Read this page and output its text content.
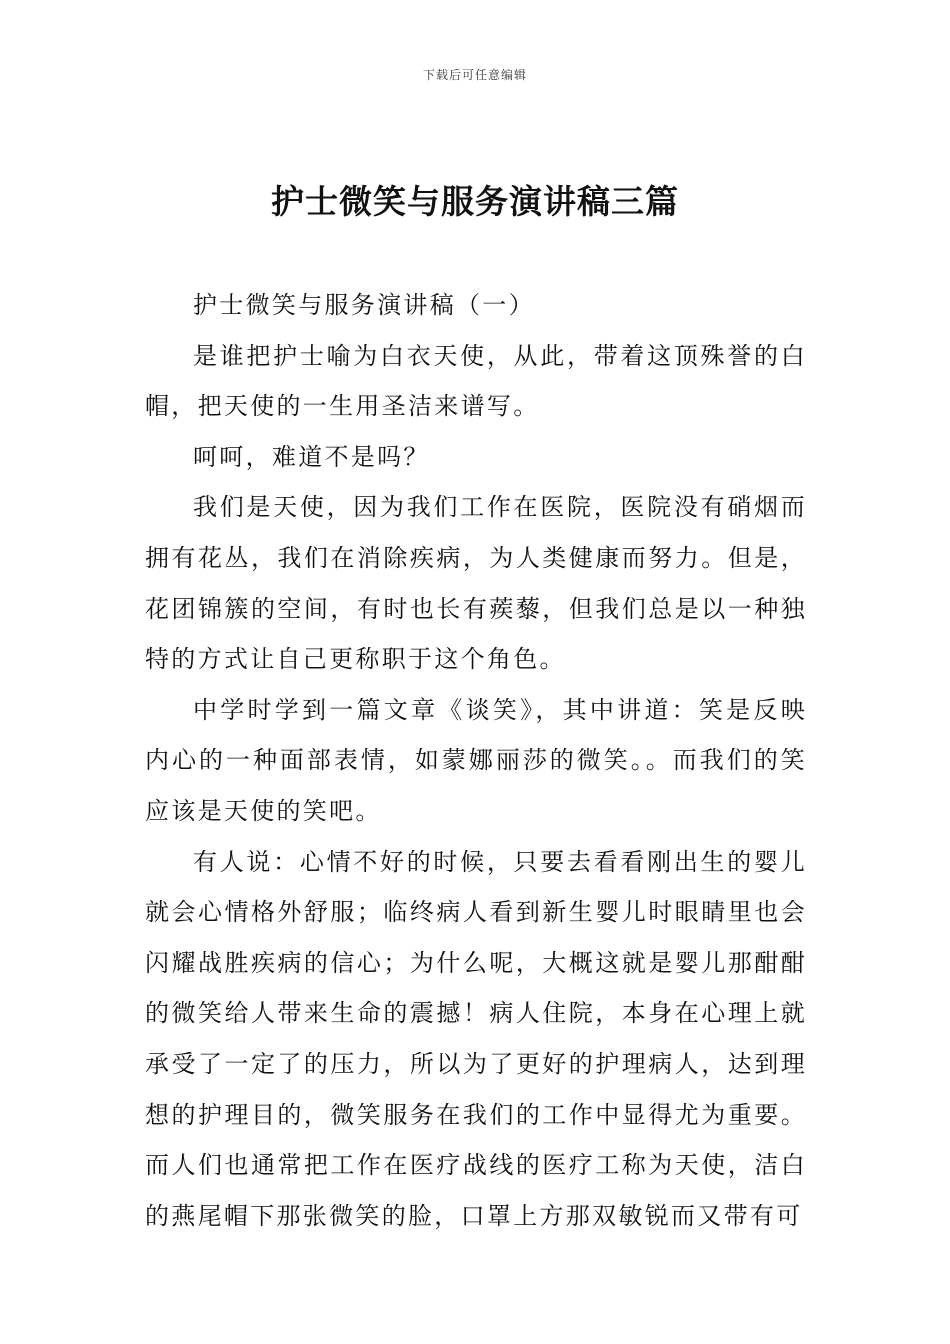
下载后可任意编辑
护士微笑与服务演讲稿三篇

护士微笑与服务演讲稿（一）

是谁把护士喻为白衣天使，从此，带着这顶殊誉的白帽，把天使的一生用圣洁来谱写。

呵呵，难道不是吗？

我们是天使，因为我们工作在医院，医院没有硝烟而拥有花丛，我们在消除疾病，为人类健康而努力。但是，花团锦簇的空间，有时也长有蒺藜，但我们总是以一种独特的方式让自己更称职于这个角色。

中学时学到一篇文章《谈笑》，其中讲道：笑是反映内心的一种面部表情，如蒙娜丽莎的微笑。。而我们的笑应该是天使的笑吧。

有人说：心情不好的时候，只要去看看刚出生的婴儿就会心情格外舒服；临终病人看到新生婴儿时眼睛里也会闪耀战胜疾病的信心；为什么呢，大概这就是婴儿那酣酣的微笑给人带来生命的震撼！病人住院，本身在心理上就承受了一定了的压力，所以为了更好的护理病人，达到理想的护理目的，微笑服务在我们的工作中显得尤为重要。而人们也通常把工作在医疗战线的医疗工称为天使，洁白的燕尾帽下那张微笑的脸，口罩上方那双敏锐而又带有可
